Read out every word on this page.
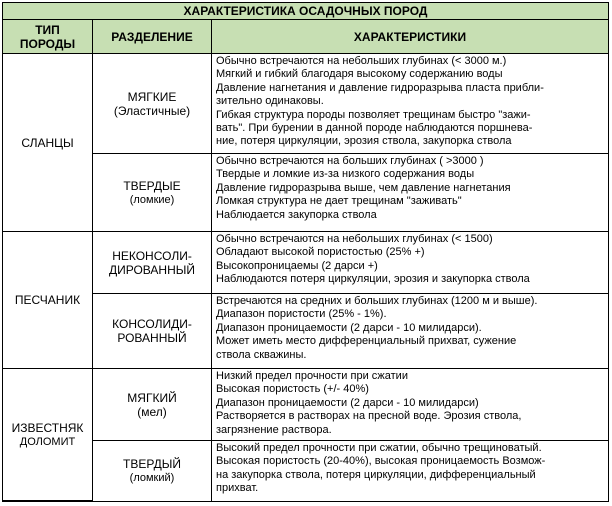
ХАРАКТЕРИСТИКА ОСАДОЧНЫХ ПОРОД
ТИП
ПОРОДЫ	РАЗДЕЛЕНИЕ	ХАРАКТЕРИСТИКИ
СЛАНЦЫ
МЯГКИЕ
(Эластичные)
Обычно встречаются на небольших глубинах (< 3000 м.)
Мягкий и гибкий благодаря высокому содержанию воды
Давление нагнетания и давление гидроразрыва пласта прибли-
зительно одинаковы.
Гибкая структура породы позволяет трещинам быстро "зажи-
вать". При бурении в данной породе наблюдаются поршнева-
ние, потеря циркуляции, эрозия ствола, закупорка ствола
ТВЕРДЫЕ
(ломкие)
Обычно встречаются на больших глубинах ( >3000 )
Твердые и ломкие из-за низкого содержания воды
Давление гидроразрыва выше, чем давление нагнетания
Ломкая структура не дает трещинам "заживать"
Наблюдается закупорка ствола
ПЕСЧАНИК
НЕКОНСОЛИ-
ДИРОВАННЫЙ
Обычно встречаются на небольших глубинах (< 1500)
Обладают высокой пористостью (25% +)
Высокопроницаемы (2 дарси +)
Наблюдаются потеря циркуляции, эрозия и закупорка ствола
КОНСОЛИДИ-
РОВАННЫЙ
Встречаются на средних и больших глубинах (1200 м и выше).
Диапазон пористости (25% - 1%).
Диапазон проницаемости (2 дарси - 10 милидарси).
Может иметь место дифференциальный прихват, сужение
ствола скважины.
ИЗВЕСТНЯК
ДОЛОМИТ
МЯГКИЙ
(мел)
Низкий предел прочности при сжатии
Высокая пористость (+/- 40%)
Диапазон проницаемости (2 дарси - 10 милидарси)
Растворяется в растворах на пресной воде. Эрозия ствола,
загрязнение раствора.
ТВЕРДЫЙ
(ломкий)
Высокий предел прочности при сжатии, обычно трещиноватый.
Высокая пористость (20-40%), высокая проницаемость Возмож-
на закупорка ствола, потеря циркуляции, дифференциальный
прихват.
